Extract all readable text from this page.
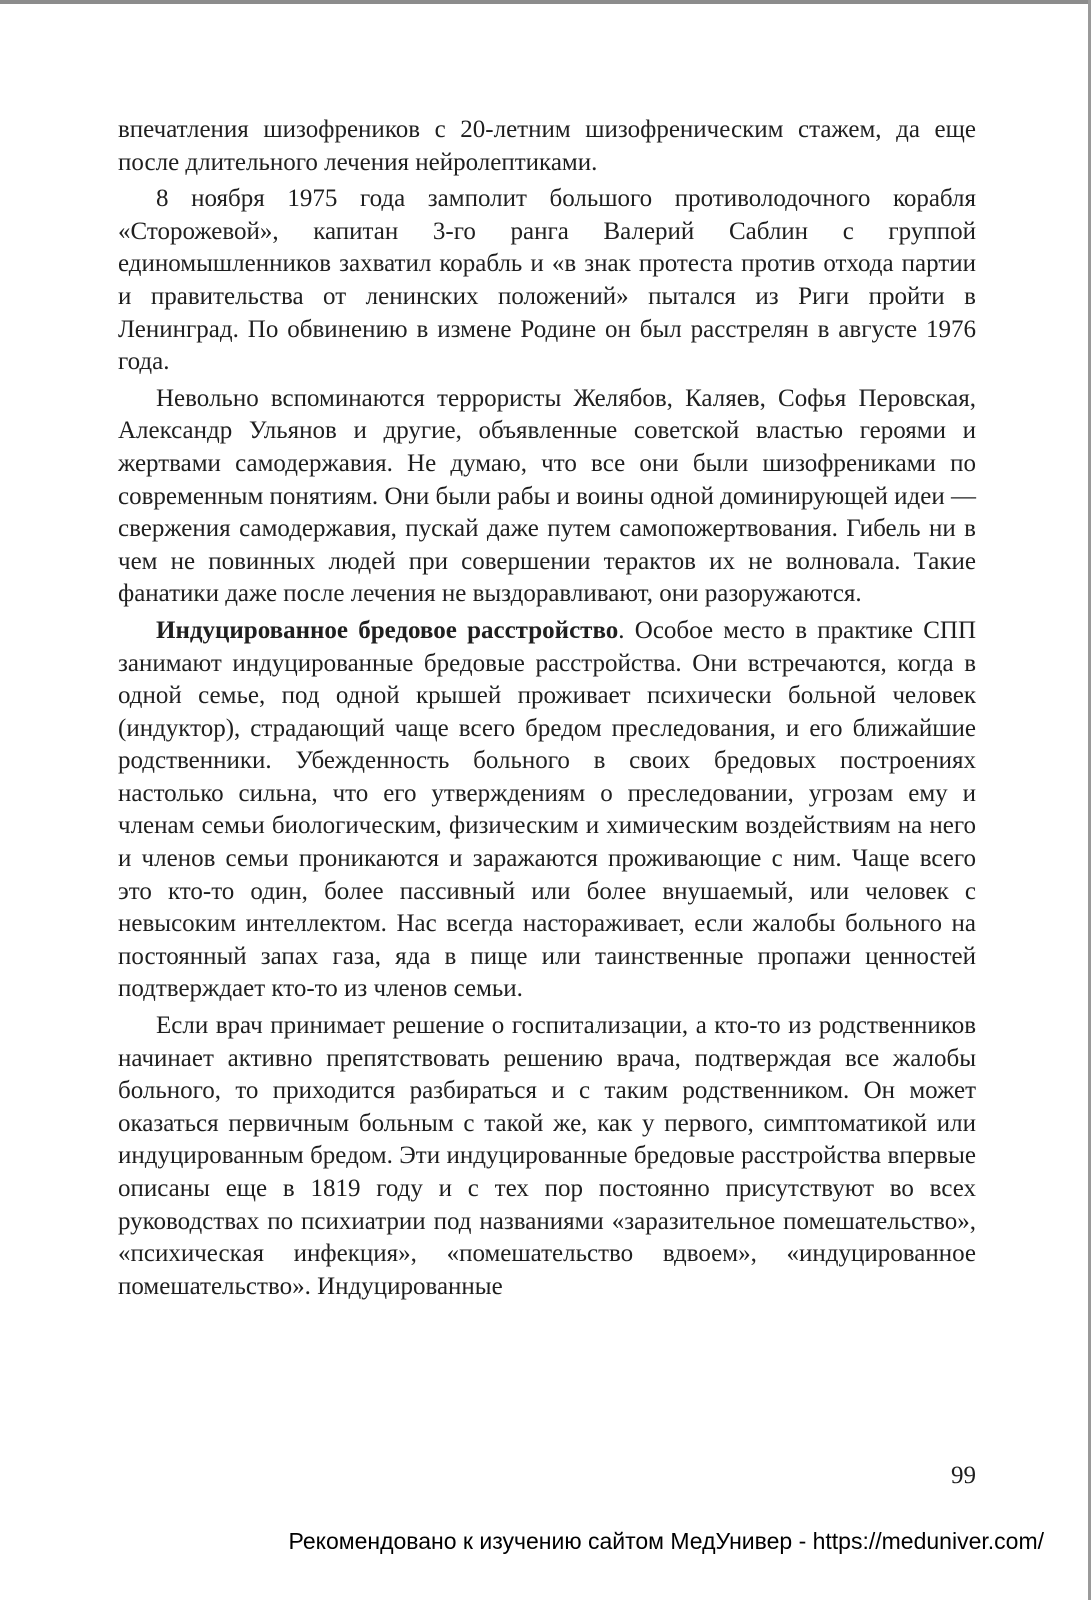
впечатления шизофреников с 20-летним шизофреническим стажем, да еще после длительного лечения нейролептиками.

8 ноября 1975 года замполит большого противолодочного корабля «Сторожевой», капитан 3-го ранга Валерий Саблин с группой единомышленников захватил корабль и «в знак протеста против отхода партии и правительства от ленинских положений» пытался из Риги пройти в Ленинград. По обвинению в измене Родине он был расстрелян в августе 1976 года.

Невольно вспоминаются террористы Желябов, Каляев, Софья Перовская, Александр Ульянов и другие, объявленные советской властью героями и жертвами самодержавия. Не думаю, что все они были шизофрениками по современным понятиям. Они были рабы и воины одной доминирующей идеи — свержения самодержавия, пускай даже путем самопожертвования. Гибель ни в чем не повинных людей при совершении терактов их не волновала. Такие фанатики даже после лечения не выздоравливают, они разоружаются.

Индуцированное бредовое расстройство. Особое место в практике СПП занимают индуцированные бредовые расстройства. Они встречаются, когда в одной семье, под одной крышей проживает психически больной человек (индуктор), страдающий чаще всего бредом преследования, и его ближайшие родственники. Убежденность больного в своих бредовых построениях настолько сильна, что его утверждениям о преследовании, угрозам ему и членам семьи биологическим, физическим и химическим воздействиям на него и членов семьи проникаются и заражаются проживающие с ним. Чаще всего это кто-то один, более пассивный или более внушаемый, или человек с невысоким интеллектом. Нас всегда настораживает, если жалобы больного на постоянный запах газа, яда в пище или таинственные пропажи ценностей подтверждает кто-то из членов семьи.

Если врач принимает решение о госпитализации, а кто-то из родственников начинает активно препятствовать решению врача, подтверждая все жалобы больного, то приходится разбираться и с таким родственником. Он может оказаться первичным больным с такой же, как у первого, симптоматикой или индуцированным бредом. Эти индуцированные бредовые расстройства впервые описаны еще в 1819 году и с тех пор постоянно присутствуют во всех руководствах по психиатрии под названиями «заразительное помешательство», «психическая инфекция», «помешательство вдвоем», «индуцированное помешательство». Индуцированные

99
Рекомендовано к изучению сайтом МедУнивер - https://meduniver.com/
